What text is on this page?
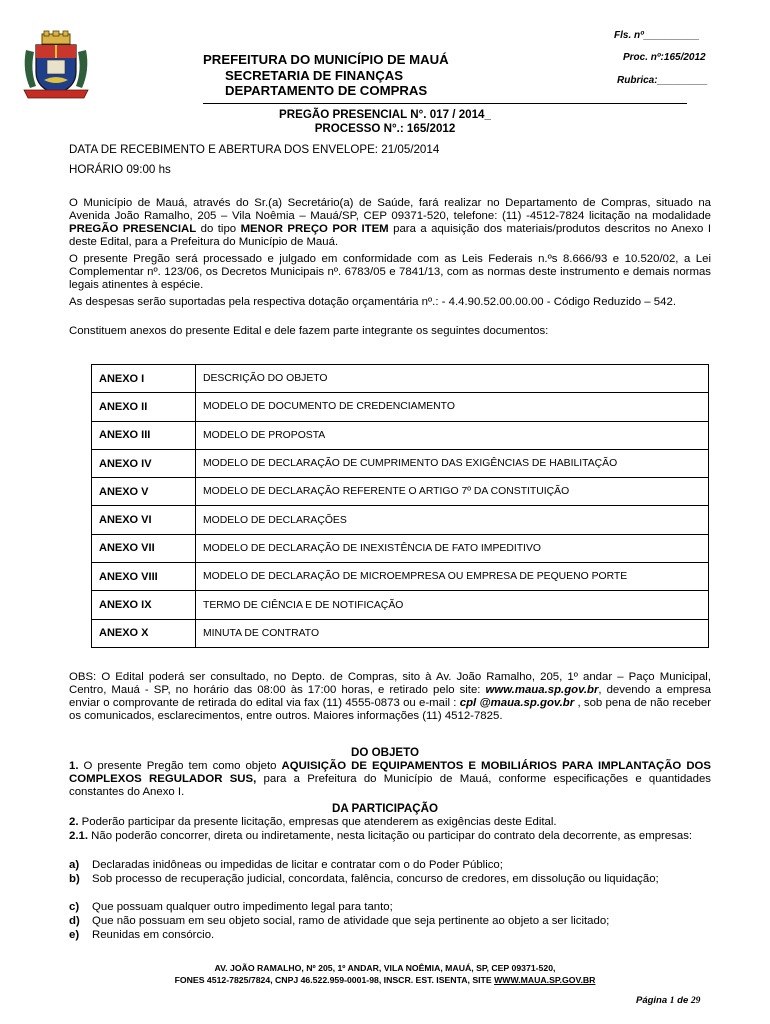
PREFEITURA DO MUNICÍPIO DE MAUÁ
SECRETARIA DE FINANÇAS
DEPARTAMENTO DE COMPRAS
Fls. nº__________
Proc. nº:165/2012
Rubrica:_________
PREGÃO PRESENCIAL N°. 017 / 2014_
PROCESSO N°.: 165/2012
DATA DE RECEBIMENTO E ABERTURA DOS ENVELOPE: 21/05/2014
HORÁRIO 09:00 hs
O Município de Mauá, através do Sr.(a) Secretário(a) de Saúde, fará realizar no Departamento de Compras, situado na Avenida João Ramalho, 205 – Vila Noêmia – Mauá/SP, CEP 09371-520, telefone: (11) -4512-7824 licitação na modalidade PREGÃO PRESENCIAL do tipo MENOR PREÇO POR ITEM para a aquisição dos materiais/produtos descritos no Anexo I deste Edital, para a Prefeitura do Município de Mauá.
O presente Pregão será processado e julgado em conformidade com as Leis Federais n.ºs 8.666/93 e 10.520/02, a Lei Complementar nº. 123/06, os Decretos Municipais nº. 6783/05 e 7841/13, com as normas deste instrumento e demais normas legais atinentes à espécie.
As despesas serão suportadas pela respectiva dotação orçamentária nº.: - 4.4.90.52.00.00.00 - Código Reduzido – 542.
Constituem anexos do presente Edital e dele fazem parte integrante os seguintes documentos:
ANEXO I	DESCRIÇÃO DO OBJETO
ANEXO II	MODELO DE DOCUMENTO DE CREDENCIAMENTO
ANEXO III	MODELO DE PROPOSTA
ANEXO IV	MODELO DE DECLARAÇÃO DE CUMPRIMENTO DAS EXIGÊNCIAS DE HABILITAÇÃO
ANEXO V	MODELO DE DECLARAÇÃO REFERENTE O ARTIGO 7º DA CONSTITUIÇÃO
ANEXO VI	MODELO DE DECLARAÇÕES
ANEXO VII	MODELO DE DECLARAÇÃO DE INEXISTÊNCIA DE FATO IMPEDITIVO
ANEXO VIII	MODELO DE DECLARAÇÃO DE MICROEMPRESA OU EMPRESA DE PEQUENO PORTE
ANEXO IX	TERMO DE CIÊNCIA E DE NOTIFICAÇÃO
ANEXO X	MINUTA DE CONTRATO
OBS: O Edital poderá ser consultado, no Depto. de Compras, sito à Av. João Ramalho, 205, 1º andar – Paço Municipal, Centro, Mauá - SP, no horário das 08:00 às 17:00 horas, e retirado pelo site: www.maua.sp.gov.br, devendo a empresa enviar o comprovante de retirada do edital via fax (11) 4555-0873 ou e-mail : cpl @maua.sp.gov.br , sob pena de não receber os comunicados, esclarecimentos, entre outros. Maiores informações (11) 4512-7825.
DO OBJETO
1. O presente Pregão tem como objeto AQUISIÇÃO DE EQUIPAMENTOS E MOBILIÁRIOS PARA IMPLANTAÇÃO DOS COMPLEXOS REGULADOR SUS, para a Prefeitura do Município de Mauá, conforme especificações e quantidades constantes do Anexo I.
DA PARTICIPAÇÃO
2. Poderão participar da presente licitação, empresas que atenderem as exigências deste Edital.
2.1. Não poderão concorrer, direta ou indiretamente, nesta licitação ou participar do contrato dela decorrente, as empresas:
a) Declaradas inidôneas ou impedidas de licitar e contratar com o do Poder Público;
b) Sob processo de recuperação judicial, concordata, falência, concurso de credores, em dissolução ou liquidação;
c) Que possuam qualquer outro impedimento legal para tanto;
d) Que não possuam em seu objeto social, ramo de atividade que seja pertinente ao objeto a ser licitado;
e) Reunidas em consórcio.
AV. JOÃO RAMALHO, Nº 205, 1º ANDAR, VILA NOÊMIA, MAUÁ, SP, CEP 09371-520,
FONES 4512-7825/7824, CNPJ 46.522.959-0001-98, INSCR. EST. ISENTA, SITE WWW.MAUA.SP.GOV.BR
Página 1 de 29
